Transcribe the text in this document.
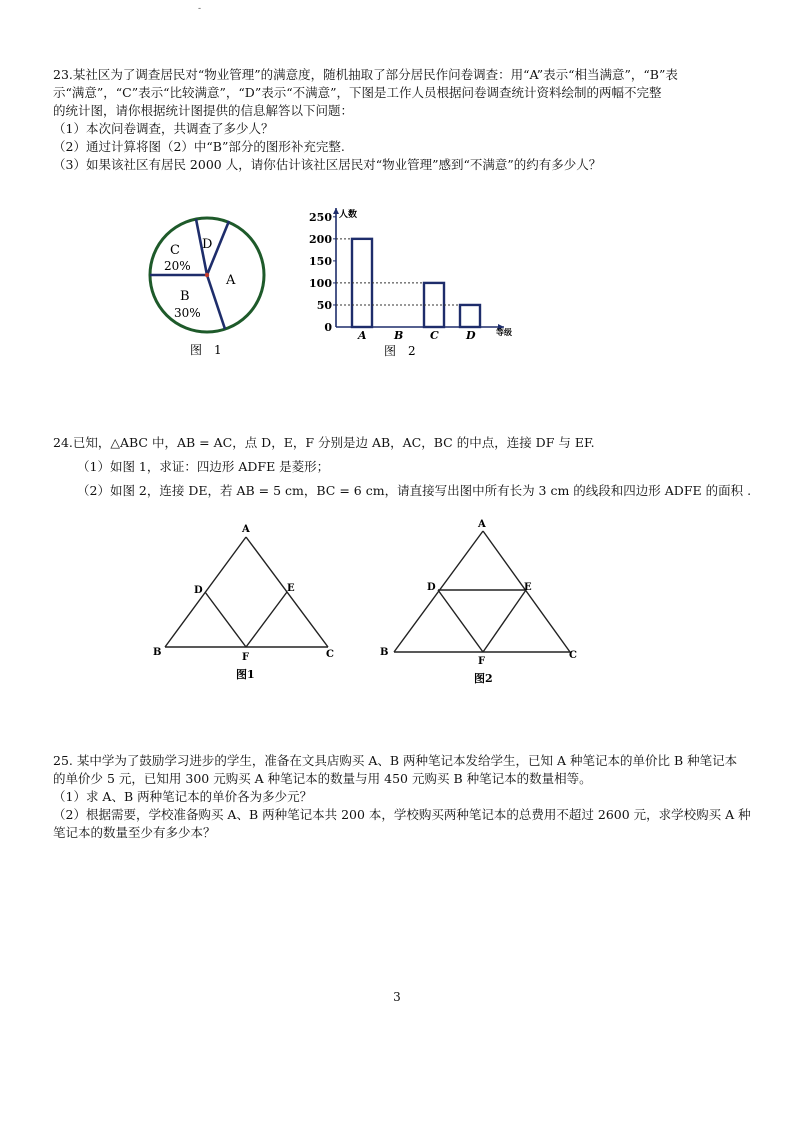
-

23.某社区为了调查居民对“物业管理”的满意度，随机抽取了部分居民作问卷调查：用“A”表示“相当满意”，“B”表

示“满意”，“C”表示“比较满意”，“D”表示“不满意”，下图是工作人员根据问卷调查统计资料绘制的两幅不完整

的统计图，请你根据统计图提供的信息解答以下问题：

（1）本次问卷调查，共调查了多少人？

（2）通过计算将图（2）中“B”部分的图形补充完整.

（3）如果该社区有居民 2000 人，请你估计该社区居民对“物业管理”感到“不满意”的约有多少人？

C
20%
D
A
B
30%
图　1
0
50
100
150
200
250
A B C D
人数
等级
图　2

24.已知，△ABC 中，AB = AC，点 D，E，F 分别是边 AB，AC，BC 的中点，连接 DF 与 EF.

（1）如图 1，求证：四边形 ADFE 是菱形；

（2）如图 2，连接 DE，若 AB = 5 cm，BC = 6 cm，请直接写出图中所有长为 3 cm 的线段和四边形 ADFE 的面积 .

A
B	C
D	E
F
图1
A
B	C
D	E
F
图2

25. 某中学为了鼓励学习进步的学生，准备在文具店购买 A、B 两种笔记本发给学生，已知 A 种笔记本的单价比 B 种笔记本

的单价少 5 元，已知用 300 元购买 A 种笔记本的数量与用 450 元购买 B 种笔记本的数量相等。

（1）求 A、B 两种笔记本的单价各为多少元？

（2）根据需要，学校准备购买 A、B 两种笔记本共 200 本，学校购买两种笔记本的总费用不超过 2600 元，求学校购买 A 种

笔记本的数量至少有多少本？

3
